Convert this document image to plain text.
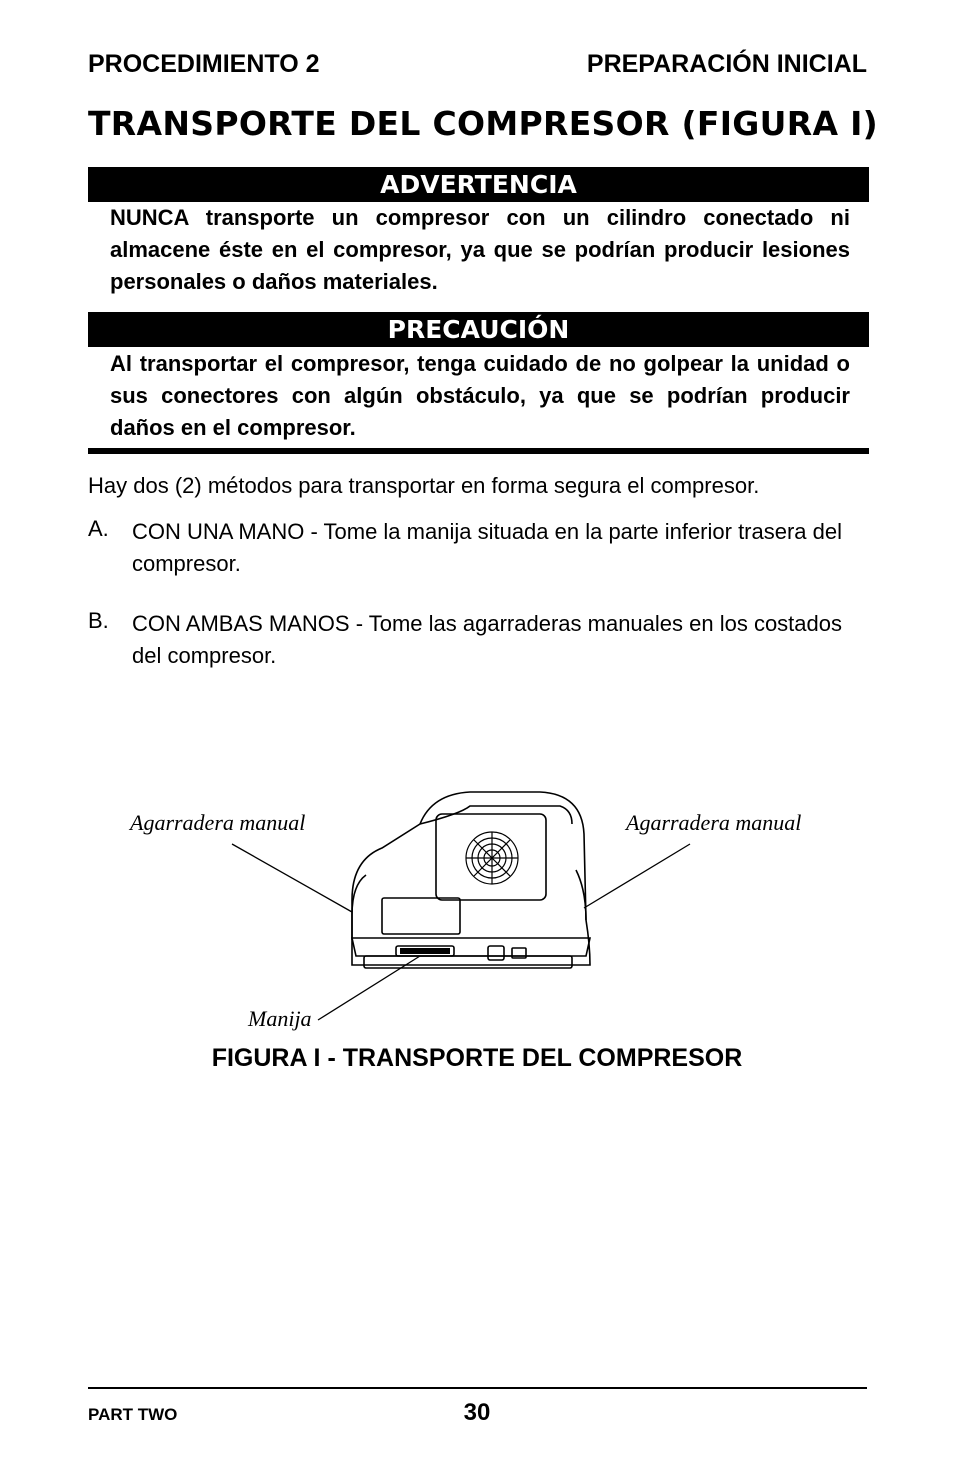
PROCEDIMIENTO 2	PREPARACIÓN INICIAL
TRANSPORTE DEL COMPRESOR (FIGURA I)
ADVERTENCIA
NUNCA transporte un compresor con un cilindro conectado ni almacene éste en el compresor, ya que se podrían producir lesiones personales o daños materiales.
PRECAUCIÓN
Al transportar el compresor, tenga cuidado de no golpear la unidad o sus conectores con algún obstáculo, ya que se podrían producir daños en el compresor.
Hay dos (2) métodos para transportar en forma segura el compresor.
A. CON UNA MANO - Tome la manija situada en la parte inferior trasera del compresor.
B. CON AMBAS MANOS - Tome las agarraderas manuales en los costados del compresor.
Agarradera manual	Agarradera manual
Manija
FIGURA I - TRANSPORTE DEL COMPRESOR
PART TWO	30
